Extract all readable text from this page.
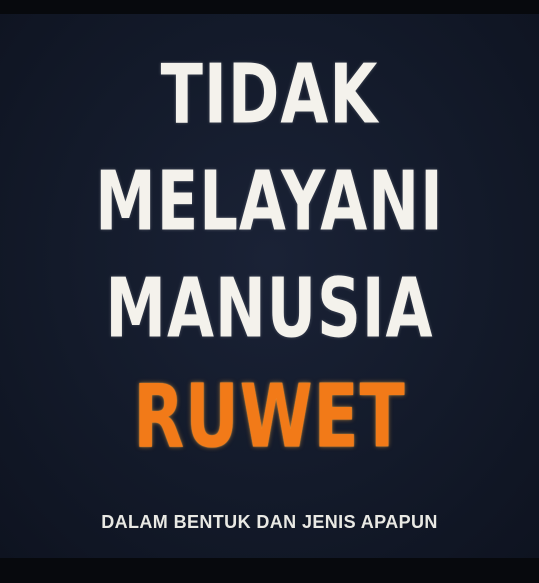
TIDAK
MELAYANI
MANUSIA
RUWET
DALAM BENTUK DAN JENIS APAPUN
